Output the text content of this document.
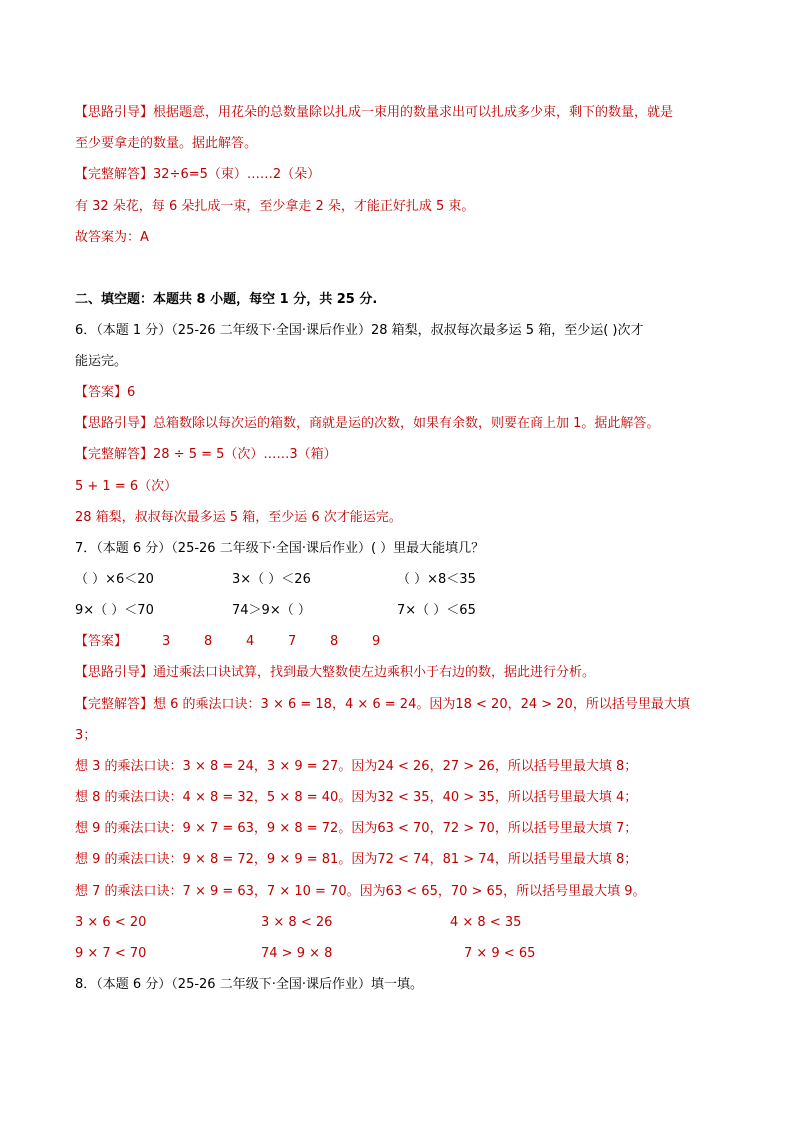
【思路引导】根据题意，用花朵的总数量除以扎成一束用的数量求出可以扎成多少束，剩下的数量，就是
至少要拿走的数量。据此解答。
【完整解答】32÷6=5（束）……2（朵）
有 32 朵花，每 6 朵扎成一束，至少拿走 2 朵，才能正好扎成 5 束。
故答案为：A
二、填空题：本题共 8 小题，每空 1 分，共 25 分.
6．（本题 1 分）（25-26 二年级下·全国·课后作业）28 箱梨，叔叔每次最多运 5 箱，至少运( )次才
能运完。
【答案】6
【思路引导】总箱数除以每次运的箱数，商就是运的次数，如果有余数，则要在商上加 1。据此解答。
【完整解答】28 ÷ 5 = 5（次）……3（箱）
5 + 1 = 6（次）
28 箱梨，叔叔每次最多运 5 箱，至少运 6 次才能运完。
7．（本题 6 分）（25-26 二年级下·全国·课后作业）( ）里最大能填几？
（ ）×6＜20	3×（ ）＜26	（ ）×8＜35
9×（ ）＜70	74＞9×（ ）	7×（ ）＜65
【答案】	3	8	4	7	8	9
【思路引导】通过乘法口诀试算，找到最大整数使左边乘积小于右边的数，据此进行分析。
【完整解答】想 6 的乘法口诀：3 × 6 = 18，4 × 6 = 24。因为18 < 20，24 > 20，所以括号里最大填
3；
想 3 的乘法口诀：3 × 8 = 24，3 × 9 = 27。因为24 < 26，27 > 26，所以括号里最大填 8；
想 8 的乘法口诀：4 × 8 = 32，5 × 8 = 40。因为32 < 35，40 > 35，所以括号里最大填 4；
想 9 的乘法口诀：9 × 7 = 63，9 × 8 = 72。因为63 < 70，72 > 70，所以括号里最大填 7；
想 9 的乘法口诀：9 × 8 = 72，9 × 9 = 81。因为72 < 74，81 > 74，所以括号里最大填 8；
想 7 的乘法口诀：7 × 9 = 63，7 × 10 = 70。因为63 < 65，70 > 65，所以括号里最大填 9。
3 × 6 < 20	3 × 8 < 26	4 × 8 < 35
9 × 7 < 70	74 > 9 × 8	7 × 9 < 65
8．（本题 6 分）（25-26 二年级下·全国·课后作业）填一填。
